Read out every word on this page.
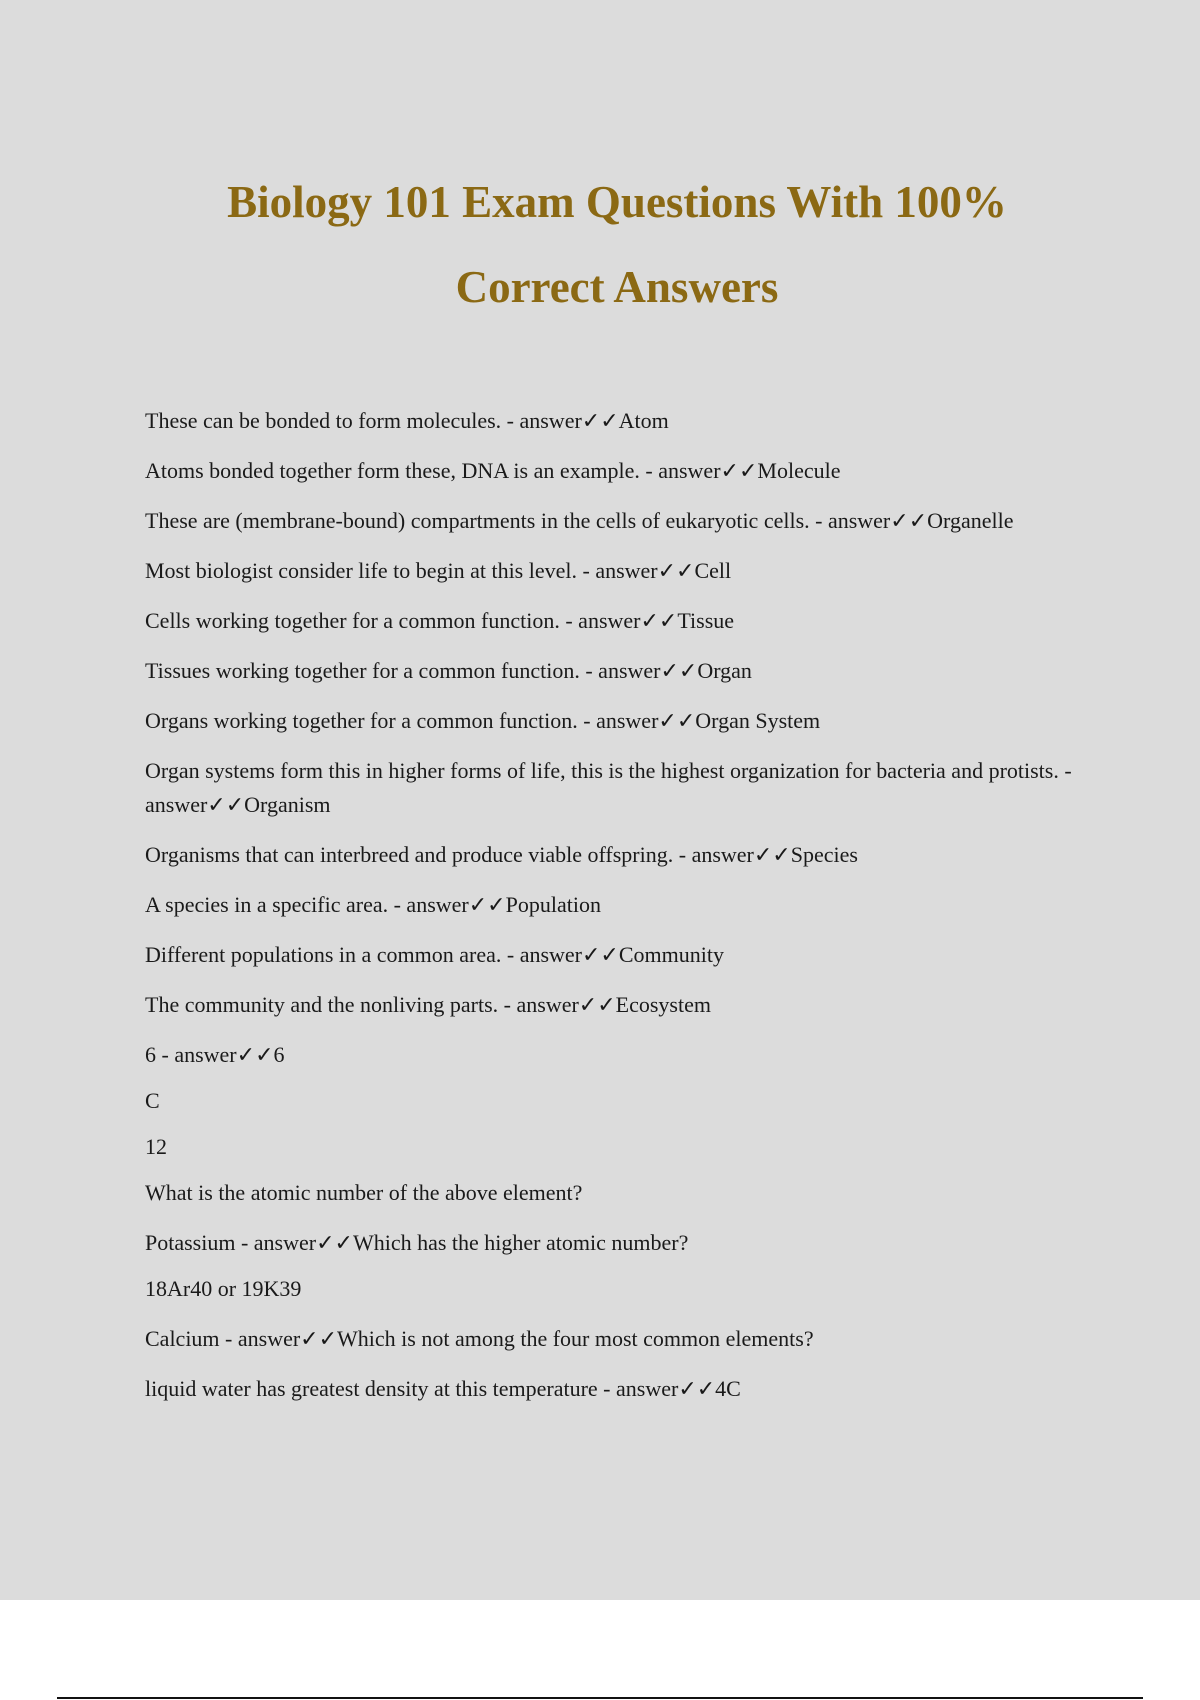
Biology 101 Exam Questions With 100%
Correct Answers
These can be bonded to form molecules. - answer✓✓Atom
Atoms bonded together form these, DNA is an example. - answer✓✓Molecule
These are (membrane-bound) compartments in the cells of eukaryotic cells. - answer✓✓Organelle
Most biologist consider life to begin at this level. - answer✓✓Cell
Cells working together for a common function. - answer✓✓Tissue
Tissues working together for a common function. - answer✓✓Organ
Organs working together for a common function. - answer✓✓Organ System
Organ systems form this in higher forms of life, this is the highest organization for bacteria and protists. - answer✓✓Organism
Organisms that can interbreed and produce viable offspring. - answer✓✓Species
A species in a specific area. - answer✓✓Population
Different populations in a common area. - answer✓✓Community
The community and the nonliving parts. - answer✓✓Ecosystem
6 - answer✓✓6
C
12
What is the atomic number of the above element?
Potassium - answer✓✓Which has the higher atomic number?
18Ar40 or 19K39
Calcium - answer✓✓Which is not among the four most common elements?
liquid water has greatest density at this temperature - answer✓✓4C
